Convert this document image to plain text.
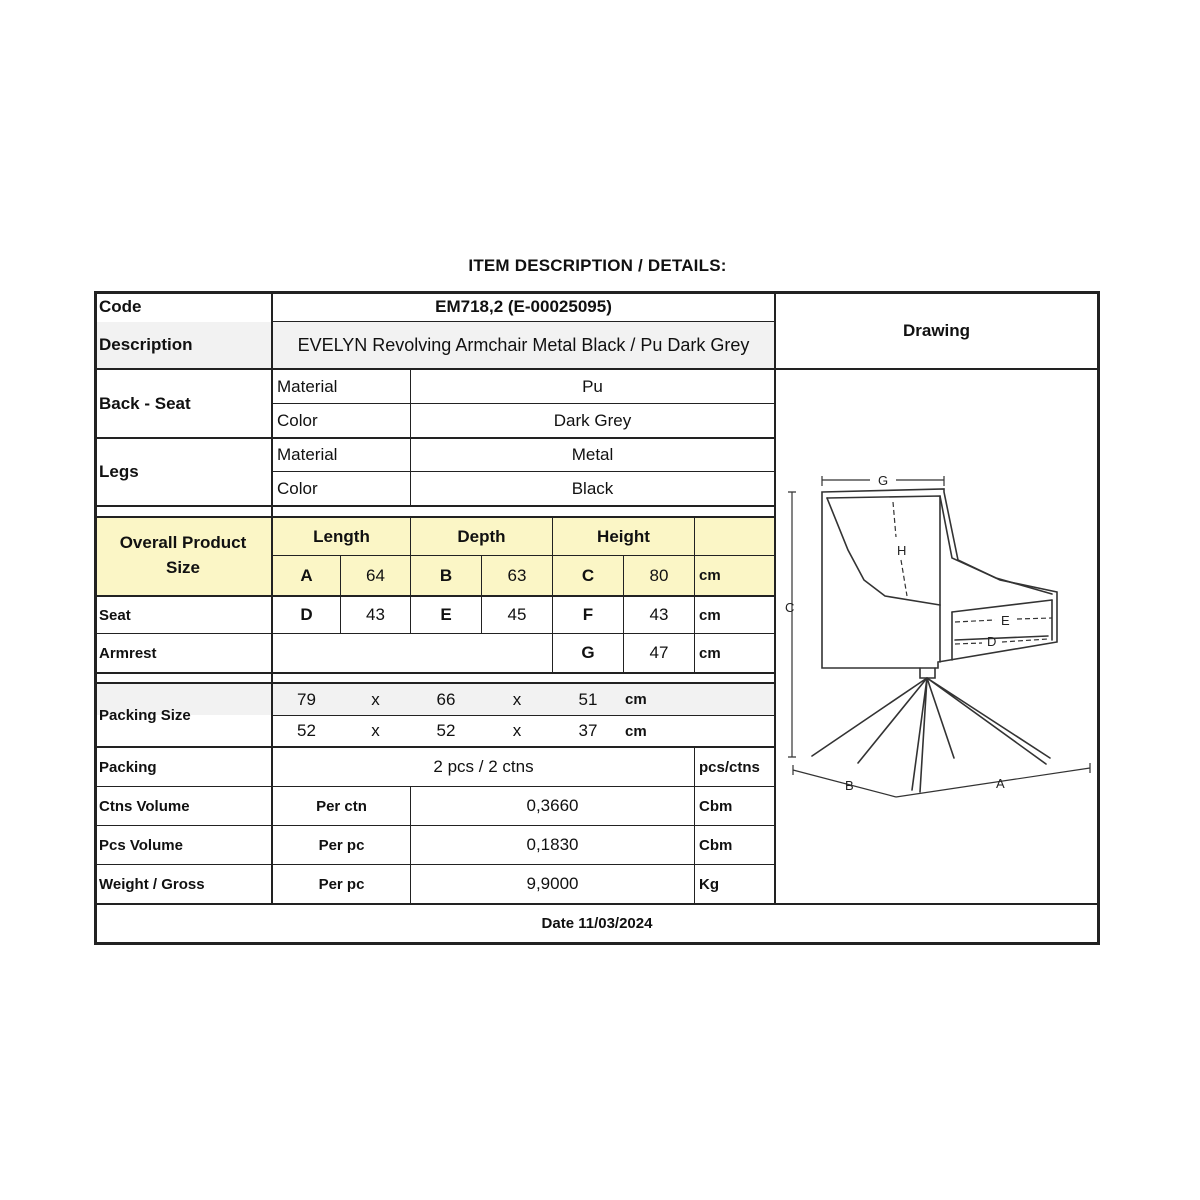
ITEM DESCRIPTION / DETAILS:
Code	EM718,2 (E-00025095)
Description	EVELYN Revolving Armchair Metal Black / Pu Dark Grey
Drawing
Back - Seat
Material	Pu
Color	Dark Grey
Legs
Material	Metal
Color	Black
Overall Product
Size
Length	Depth	Height
A	64	B	63	C	80	cm
Seat	D	43	E	45	F	43	cm
Armrest	G	47	cm
Packing Size
79	x	66	x	51	cm
52	x	52	x	37	cm
Packing	2 pcs / 2 ctns	pcs/ctns
Ctns Volume	Per ctn	0,3660	Cbm
Pcs Volume	Per pc	0,1830	Cbm
Weight / Gross	Per pc	9,9000	Kg
Date 11/03/2024
G
H
C
E
D
B	A
